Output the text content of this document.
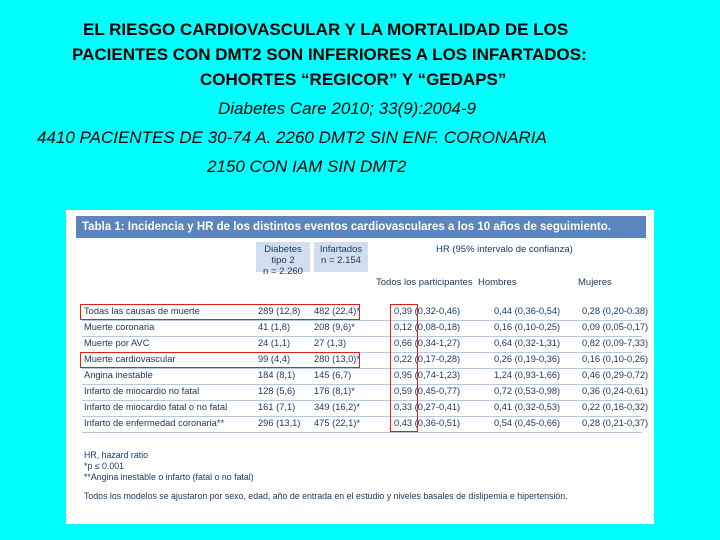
EL RIESGO CARDIOVASCULAR Y LA MORTALIDAD DE LOS
PACIENTES CON DMT2 SON INFERIORES A LOS INFARTADOS:
COHORTES “REGICOR” Y “GEDAPS”
Diabetes Care 2010; 33(9):2004-9
4410 PACIENTES DE 30-74 A. 2260 DMT2 SIN ENF. CORONARIA
2150 CON IAM SIN DMT2
Tabla 1: Incidencia y HR de los distintos eventos cardiovasculares a los 10 años de seguimiento.
Diabetes tipo 2
n = 2.260
Infartados
n = 2.154
HR (95% intervalo de confianza)
Todos los participantes Hombres	Mujeres
Todas las causas de muerte	289 (12,8) 482 (22,4)*	0,39 (0,32-0,46)	0,44 (0,36-0,54) 0,28 (0,20-0.38)
Muerte coronaria	41 (1,8)	208 (9,6)*	0,12 (0,08-0,18)	0,16 (0,10-0,25) 0,09 (0,05-0,17)
Muerte por AVC	24 (1,1)	27 (1,3)	0,66 (0,34-1,27)	0,64 (0,32-1,31) 0,82 (0,09-7,33)
Muerte cardiovascular	99 (4,4)	280 (13,0)*	0,22 (0,17-0,28)	0,26 (0,19-0,36) 0,16 (0,10-0,26)
Angina inestable	184 (8,1) 145 (6,7)	0,95 (0,74-1,23)	1,24 (0,93-1,66) 0,46 (0,29-0,72)
Infarto de miocardio no fatal	128 (5,6) 176 (8,1)*	0,59 (0,45-0,77)	0,72 (0,53-0,98) 0,36 (0,24-0,61)
Infarto de miocardio fatal o no fatal	161 (7,1) 349 (16,2)*	0,33 (0,27-0,41)	0,41 (0,32-0,53) 0,22 (0,16-0,32)
Infarto de enfermedad coronaria**	296 (13,1) 475 (22,1)*	0,43 (0,36-0,51)	0,54 (0,45-0,66) 0,28 (0,21-0,37)
HR, hazard ratio
*p ≤ 0.001
**Angina inestable o infarto (fatal o no fatal)
Todos los modelos se ajustaron por sexo, edad, año de entrada en el estudio y niveles basales de dislipemia e hipertensión.
